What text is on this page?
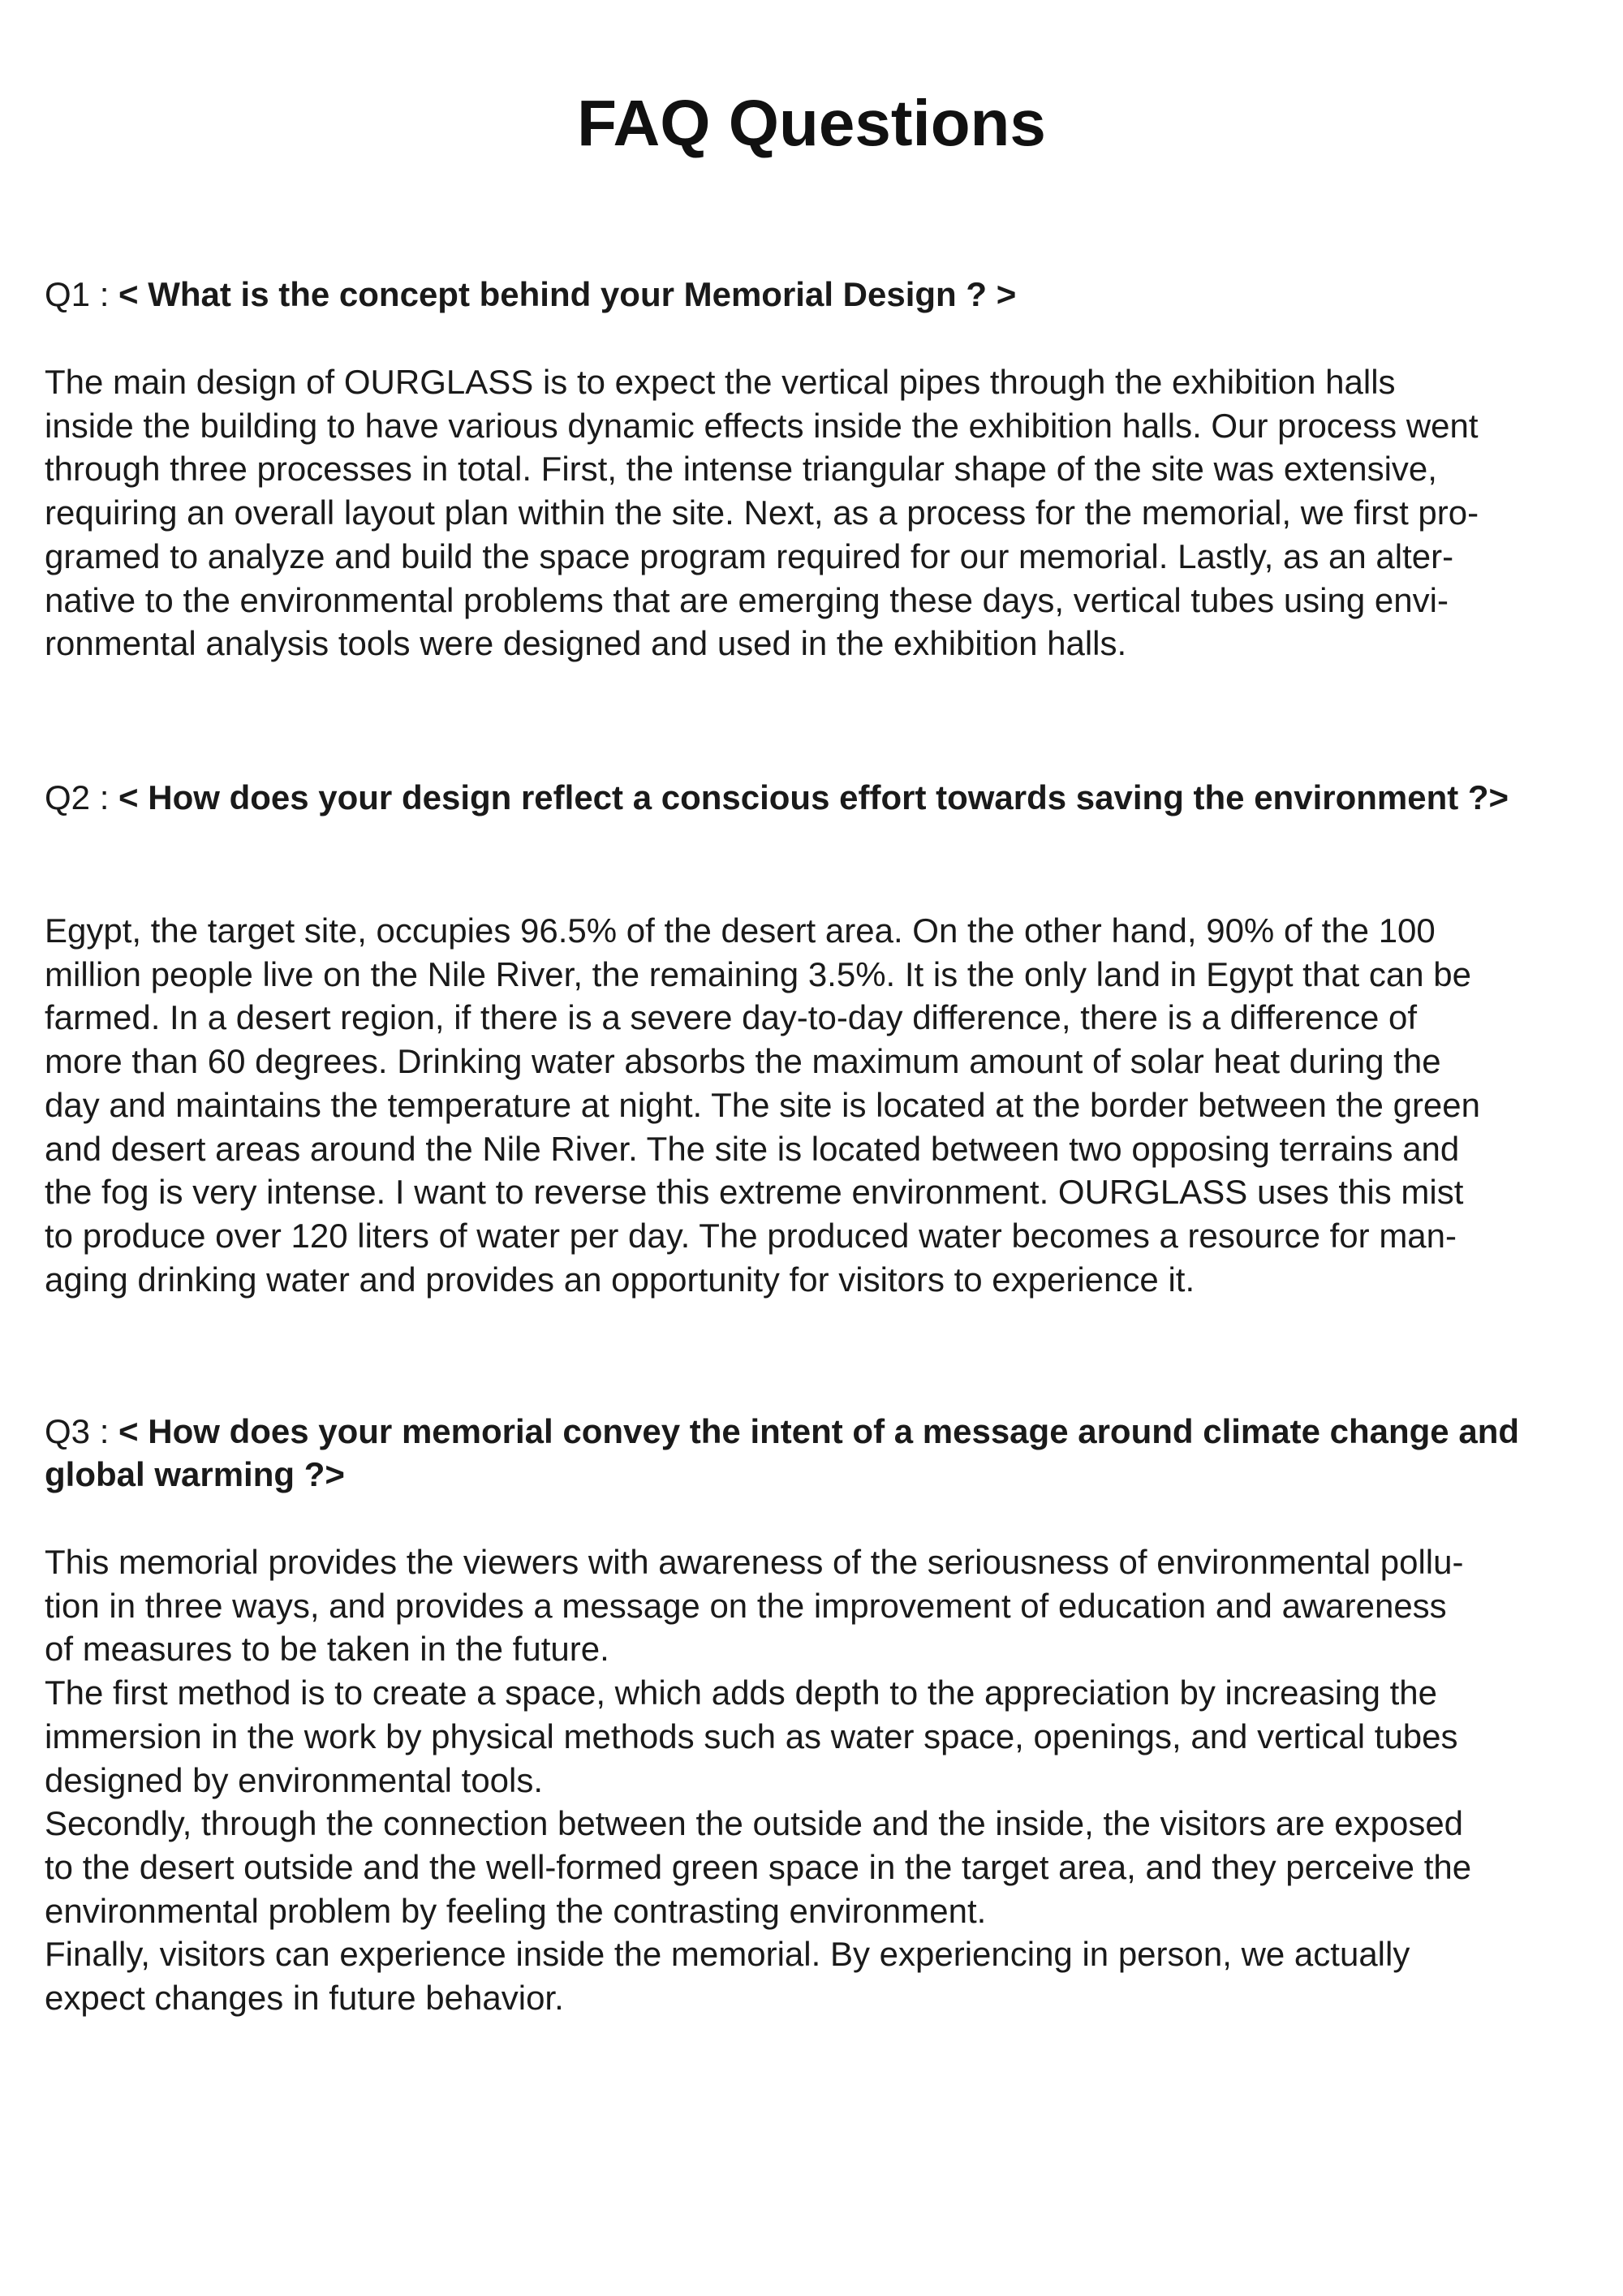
FAQ Questions

Q1 : < What is the concept behind your Memorial Design ? >

The main design of OURGLASS is to expect the vertical pipes through the exhibition halls
inside the building to have various dynamic effects inside the exhibition halls. Our process went
through three processes in total. First, the intense triangular shape of the site was extensive,
requiring an overall layout plan within the site. Next, as a process for the memorial, we first pro-
gramed to analyze and build the space program required for our memorial. Lastly, as an alter-
native to the environmental problems that are emerging these days, vertical tubes using envi-
ronmental analysis tools were designed and used in the exhibition halls.

Q2 : < How does your design reflect a conscious effort towards saving the environment ?>

Egypt, the target site, occupies 96.5% of the desert area. On the other hand, 90% of the 100
million people live on the Nile River, the remaining 3.5%. It is the only land in Egypt that can be
farmed. In a desert region, if there is a severe day-to-day difference, there is a difference of
more than 60 degrees. Drinking water absorbs the maximum amount of solar heat during the
day and maintains the temperature at night. The site is located at the border between the green
and desert areas around the Nile River. The site is located between two opposing terrains and
the fog is very intense. I want to reverse this extreme environment. OURGLASS uses this mist
to produce over 120 liters of water per day. The produced water becomes a resource for man-
aging drinking water and provides an opportunity for visitors to experience it.

Q3 : < How does your memorial convey the intent of a message around climate change and global warming ?>

This memorial provides the viewers with awareness of the seriousness of environmental pollu-
tion in three ways, and provides a message on the improvement of education and awareness
of measures to be taken in the future.
The first method is to create a space, which adds depth to the appreciation by increasing the
immersion in the work by physical methods such as water space, openings, and vertical tubes
designed by environmental tools.
Secondly, through the connection between the outside and the inside, the visitors are exposed
to the desert outside and the well-formed green space in the target area, and they perceive the
environmental problem by feeling the contrasting environment.
Finally, visitors can experience inside the memorial. By experiencing in person, we actually
expect changes in future behavior.
